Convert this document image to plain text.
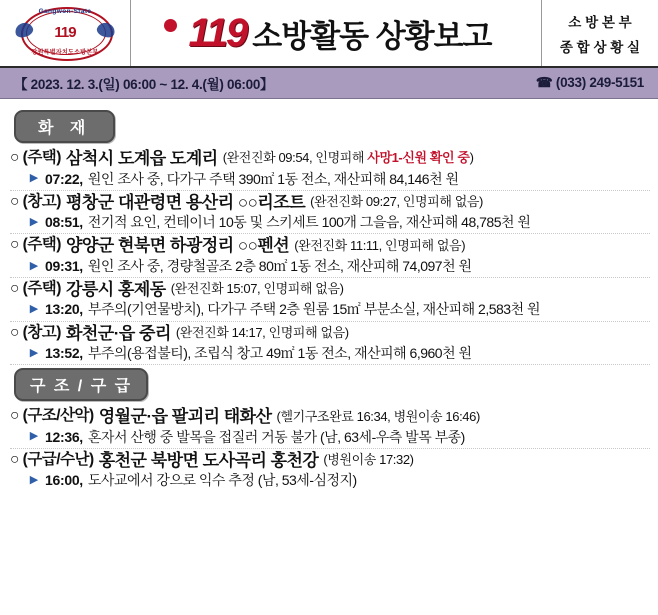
Gangwon-State
119
강원특별자치도소방본부	119 소방활동 상황보고	소 방 본 부
종 합 상 황 실
【 2023. 12. 3.(일) 06:00 ~ 12. 4.(월) 06:00】	☎ (033) 249-5151
화 재
○ (주택) 삼척시 도계읍 도계리 (완전진화 09:54, 인명피해 사망1-신원 확인 중)
▶ 07:22, 원인 조사 중, 다가구 주택 390㎡ 1동 전소, 재산피해 84,146천 원
○ (창고) 평창군 대관령면 용산리 ○○리조트 (완전진화 09:27, 인명피해 없음)
▶ 08:51, 전기적 요인, 컨테이너 10동 및 스키세트 100개 그을음, 재산피해 48,785천 원
○ (주택) 양양군 현북면 하광정리 ○○펜션 (완전진화 11:11, 인명피해 없음)
▶ 09:31, 원인 조사 중, 경량철골조 2층 80㎡ 1동 전소, 재산피해 74,097천 원
○ (주택) 강릉시 홍제동 (완전진화 15:07, 인명피해 없음)
▶ 13:20, 부주의(기연물방치), 다가구 주택 2층 원룸 15㎡ 부분소실, 재산피해 2,583천 원
○ (창고) 화천군·읍 중리 (완전진화 14:17, 인명피해 없음)
▶ 13:52, 부주의(용접불티), 조립식 창고 49㎡ 1동 전소, 재산피해 6,960천 원
구 조 / 구 급
○ (구조/산악) 영월군·읍 팔괴리 태화산 (헬기구조완료 16:34, 병원이송 16:46)
▶ 12:36, 혼자서 산행 중 발목을 접질러 거동 불가 (남, 63세-우측 발목 부종)
○ (구급/수난) 홍천군 북방면 도사곡리 홍천강 (병원이송 17:32)
▶ 16:00, 도사교에서 강으로 익수 추정 (남, 53세-심정지)
